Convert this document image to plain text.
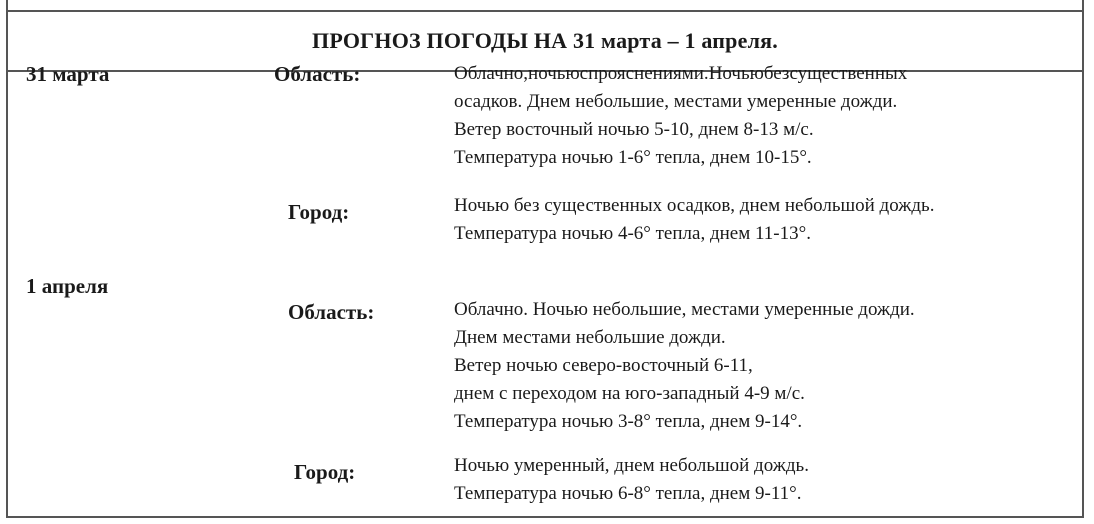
ПРОГНОЗ ПОГОДЫ НА 31 марта – 1 апреля.
31 марта	Область:	Облачно,ночьюспрояснениями.Ночьюбезсущественных
осадков. Днем небольшие, местами умеренные дожди.
Ветер восточный ночью 5-10, днем 8-13 м/с.
Температура ночью 1-6° тепла, днем 10-15°.
Город:	Ночью без существенных осадков, днем небольшой дождь.
Температура ночью 4-6° тепла, днем 11-13°.
1 апреля
Область:	Облачно. Ночью небольшие, местами умеренные дожди.
Днем местами небольшие дожди.
Ветер ночью северо-восточный 6-11,
днем с переходом на юго-западный 4-9 м/с.
Температура ночью 3-8° тепла, днем 9-14°.
Город:	Ночью умеренный, днем небольшой дождь.
Температура ночью 6-8° тепла, днем 9-11°.
